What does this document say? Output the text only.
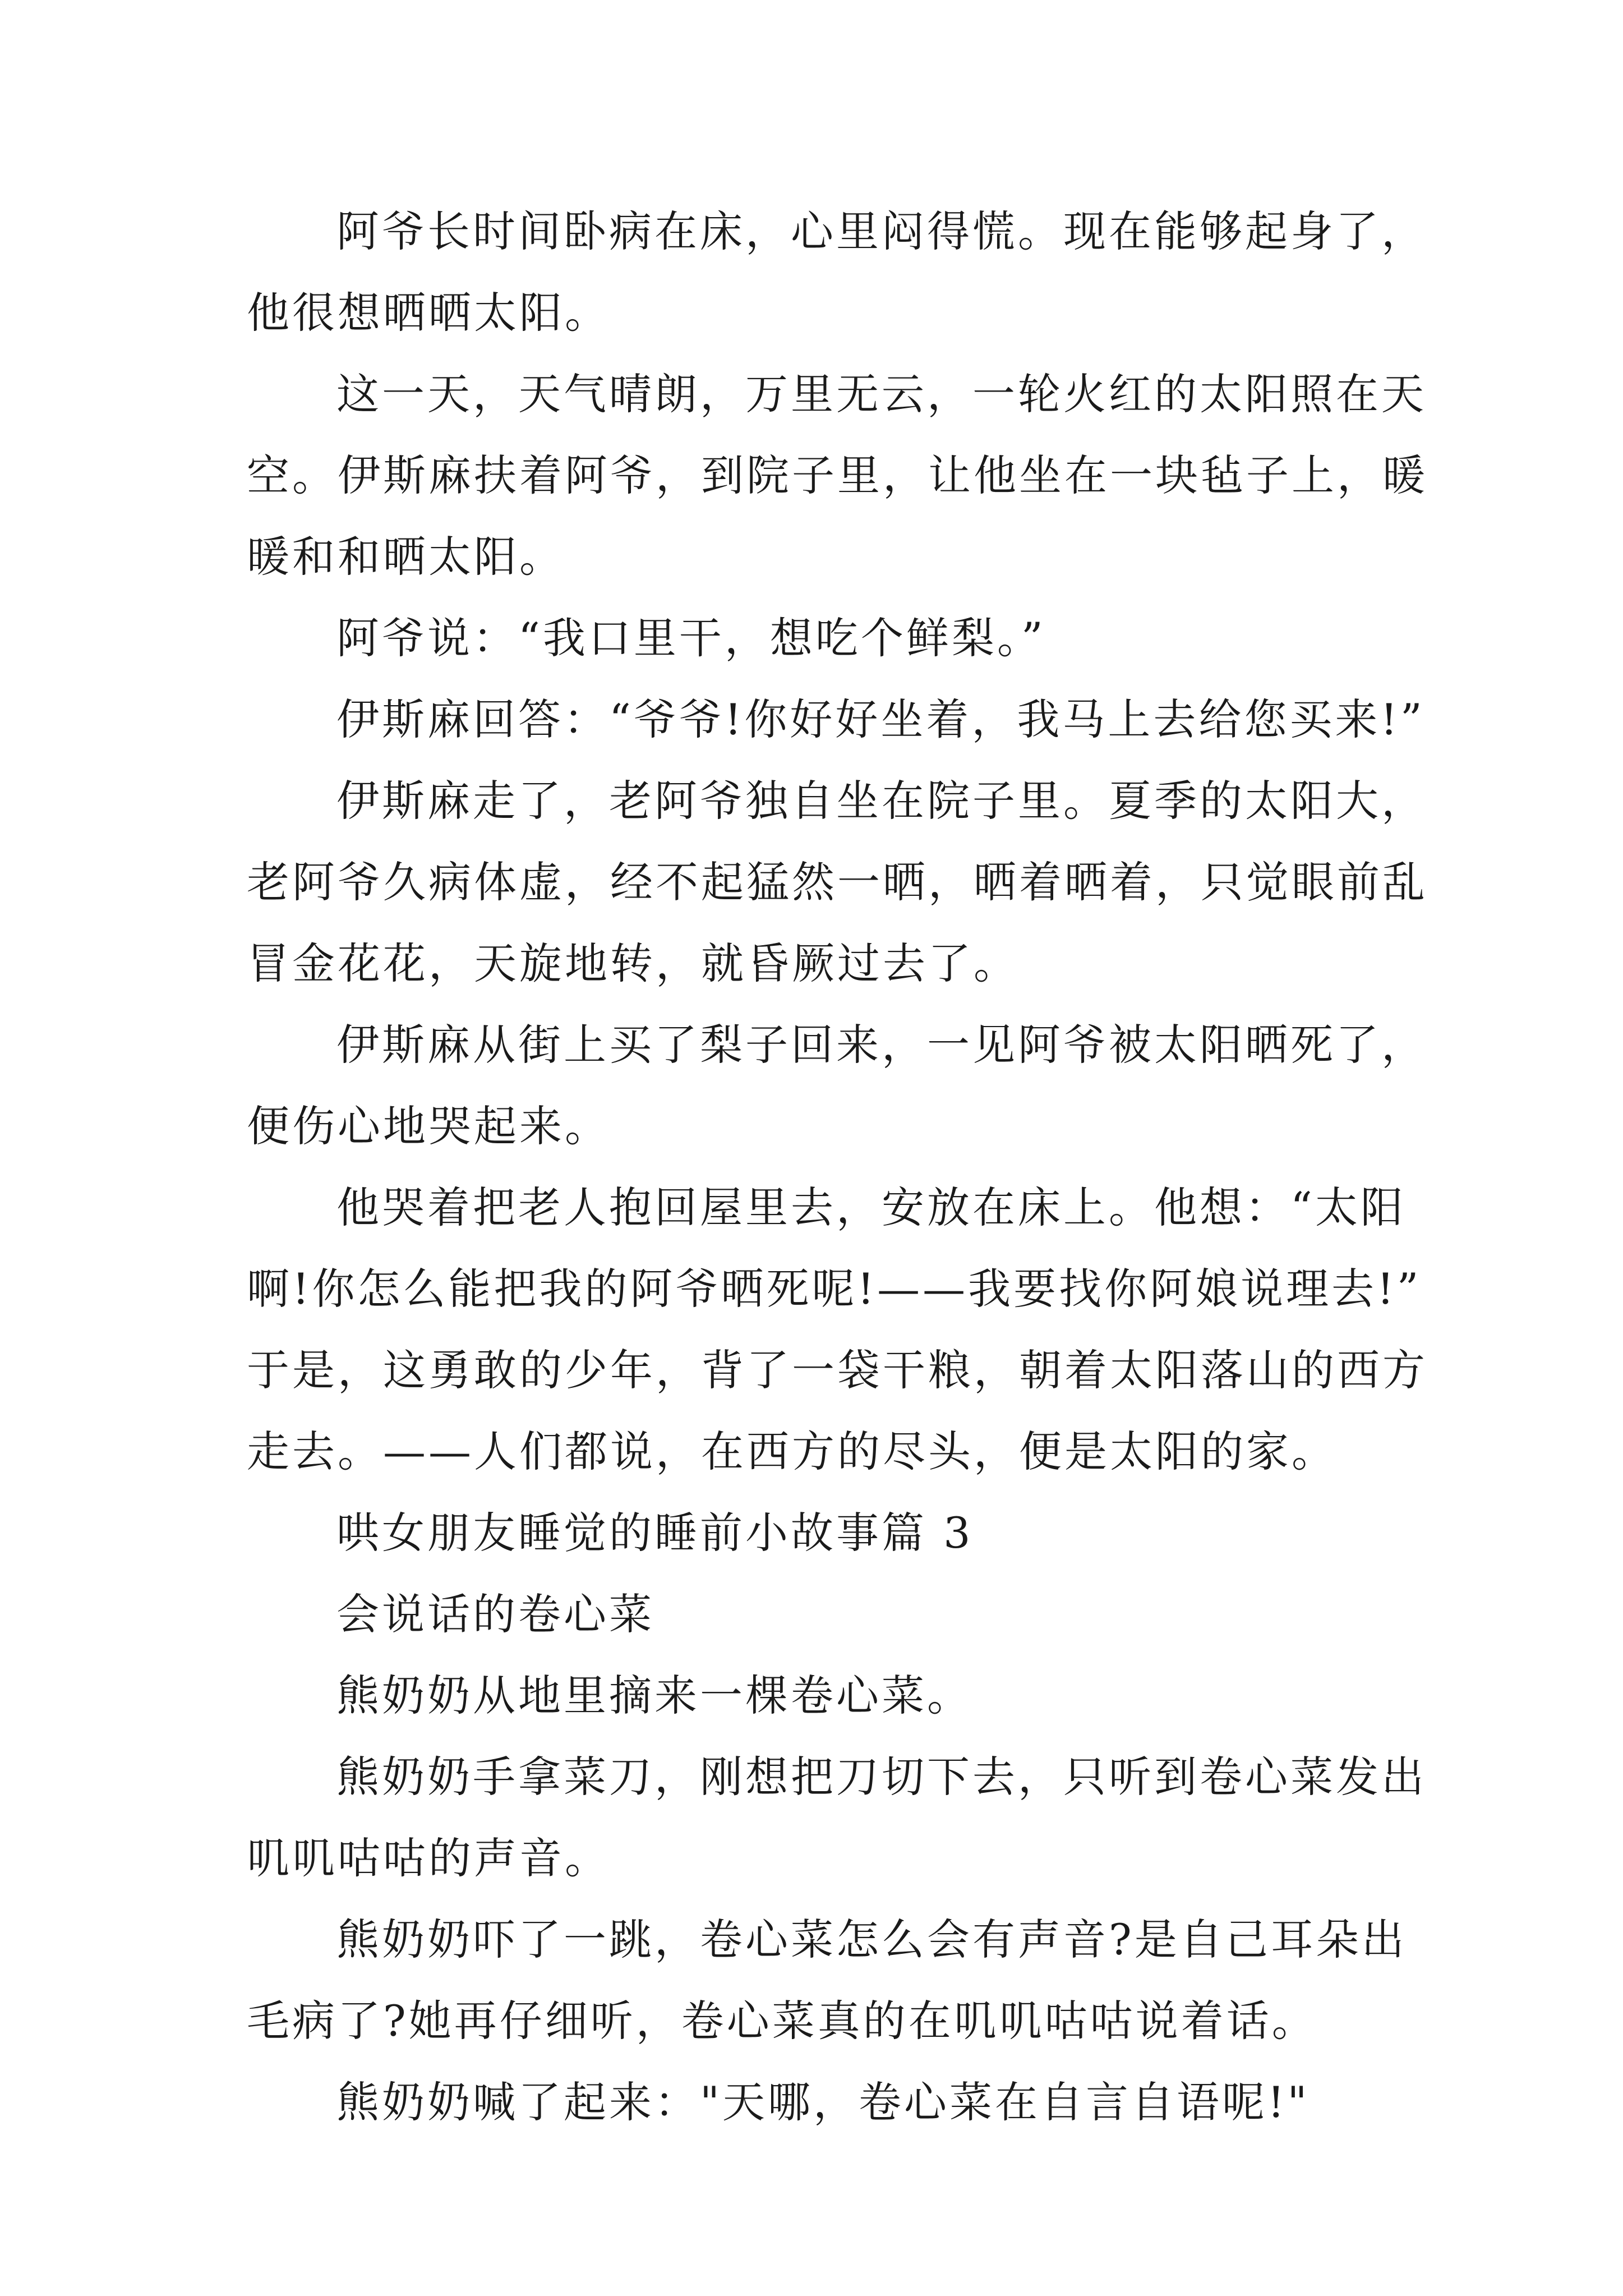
阿爷长时间卧病在床，心里闷得慌。现在能够起身了，
他很想晒晒太阳。
这一天，天气晴朗，万里无云，一轮火红的太阳照在天
空。伊斯麻扶着阿爷，到院子里，让他坐在一块毡子上，暖
暖和和晒太阳。
阿爷说：“我口里干，想吃个鲜梨。”
伊斯麻回答：“爷爷!你好好坐着，我马上去给您买来!”
伊斯麻走了，老阿爷独自坐在院子里。夏季的太阳大，
老阿爷久病体虚，经不起猛然一晒，晒着晒着，只觉眼前乱
冒金花花，天旋地转，就昏厥过去了。
伊斯麻从街上买了梨子回来，一见阿爷被太阳晒死了，
便伤心地哭起来。
他哭着把老人抱回屋里去，安放在床上。他想：“太阳
啊!你怎么能把我的阿爷晒死呢!——我要找你阿娘说理去!”
于是，这勇敢的少年，背了一袋干粮，朝着太阳落山的西方
走去。——人们都说，在西方的尽头，便是太阳的家。
哄女朋友睡觉的睡前小故事篇 3
会说话的卷心菜
熊奶奶从地里摘来一棵卷心菜。
熊奶奶手拿菜刀，刚想把刀切下去，只听到卷心菜发出
叽叽咕咕的声音。
熊奶奶吓了一跳，卷心菜怎么会有声音?是自己耳朵出
毛病了?她再仔细听，卷心菜真的在叽叽咕咕说着话。
熊奶奶喊了起来："天哪，卷心菜在自言自语呢!"
